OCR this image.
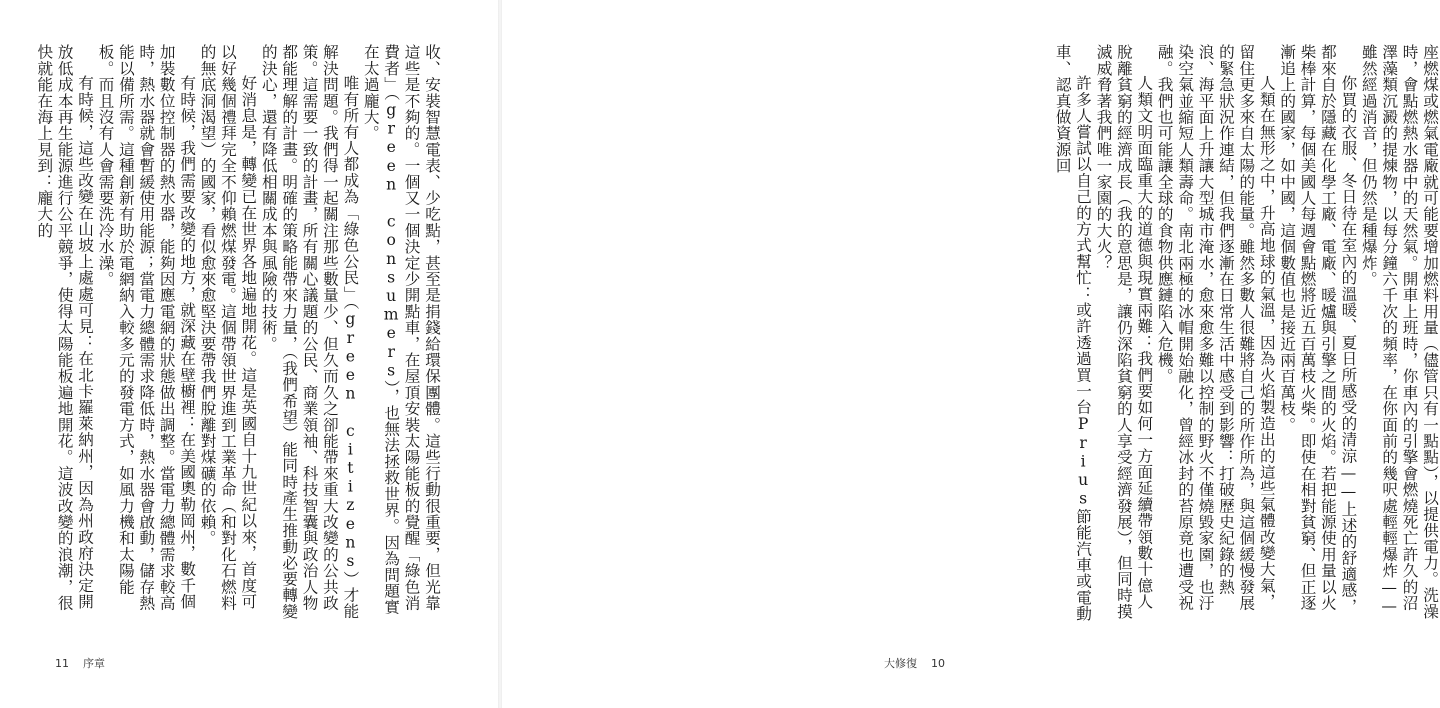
座燃煤或燃氣電廠就可能要增加燃料用量（儘管只有一點點），以提供電力。洗澡時，會點燃熱水器中的天然氣。開車上班時，你車內的引擎會燃燒死亡許久的沼澤藻類沉澱的提煉物，以每分鐘六千次的頻率，在你面前的幾呎處輕輕爆炸——雖然經過消音，但仍然是種爆炸。

你買的衣服、冬日待在室內的溫暖、夏日所感受的清涼——上述的舒適感，都來自於隱藏在化學工廠、電廠、暖爐與引擎之間的火焰。若把能源使用量以火柴棒計算，每個美國人每週會點燃將近五百萬枝火柴。即使在相對貧窮、但正逐漸追上的國家，如中國，這個數值也是接近兩百萬枝。

人類在無形之中，升高地球的氣溫，因為火焰製造出的這些氣體改變大氣，留住更多來自太陽的能量。雖然多數人很難將自己的所作所為，與這個緩慢發展的緊急狀況作連結，但我們逐漸在日常生活中感受到影響：打破歷史紀錄的熱浪、海平面上升讓大型城市淹水，愈來愈多難以控制的野火不僅燒毀家園，也汙染空氣並縮短人類壽命。南北兩極的冰帽開始融化，曾經冰封的苔原竟也遭受祝融。我們也可能讓全球的食物供應鏈陷入危機。

人類文明面臨重大的道德與現實兩難：我們要如何一方面延續帶領數十億人脫離貧窮的經濟成長（我的意思是，讓仍深陷貧窮的人享受經濟發展），但同時摸滅威脅著我們唯一家園的大火？

許多人嘗試以自己的方式幫忙：或許透過買一台Prius節能汽車或電動車、認真做資源回

大修復 10

收、安裝智慧電表、少吃點，甚至是捐錢給環保團體。這些行動很重要，但光靠這些是不夠的。一個又一個決定少開點車，在屋頂安裝太陽能板的覺醒「綠色消費者」（green consumers），也無法拯救世界。因為問題實在太過龐大。

唯有所有人都成為「綠色公民」（green citizens）才能解決問題。我們得一起關注那些數量少、但久而久之卻能帶來重大改變的公共政策。這需要一致的計畫，所有關心議題的公民、商業領袖、科技智囊與政治人物都能理解的計畫。明確的策略能帶來力量，（我們希望）能同時產生推動必要轉變的決心，還有降低相關成本與風險的技術。

好消息是，轉變已在世界各地遍地開花。這是英國自十九世紀以來，首度可以好幾個禮拜完全不仰賴燃煤發電。這個帶領世界進到工業革命（和對化石燃料的無底洞渴望）的國家，看似愈來愈堅決要帶我們脫離對煤礦的依賴。

有時候，我們需要改變的地方，就深藏在壁櫥裡：在美國奧勒岡州，數千個加裝數位控制器的熱水器，能夠因應電網的狀態做出調整。當電力總體需求較高時，熱水器就會暫緩使用能源；當電力總體需求降低時，熱水器會啟動，儲存熱能以備所需。這種創新有助於電網納入較多元的發電方式，如風力機和太陽能板。而且沒有人會需要洗冷水澡。

有時候，這些改變在山坡上處處可見：在北卡羅萊納州，因為州政府決定開放低成本再生能源進行公平競爭，使得太陽能板遍地開花。這波改變的浪潮，很快就能在海上見到：龐大的

11 序章
